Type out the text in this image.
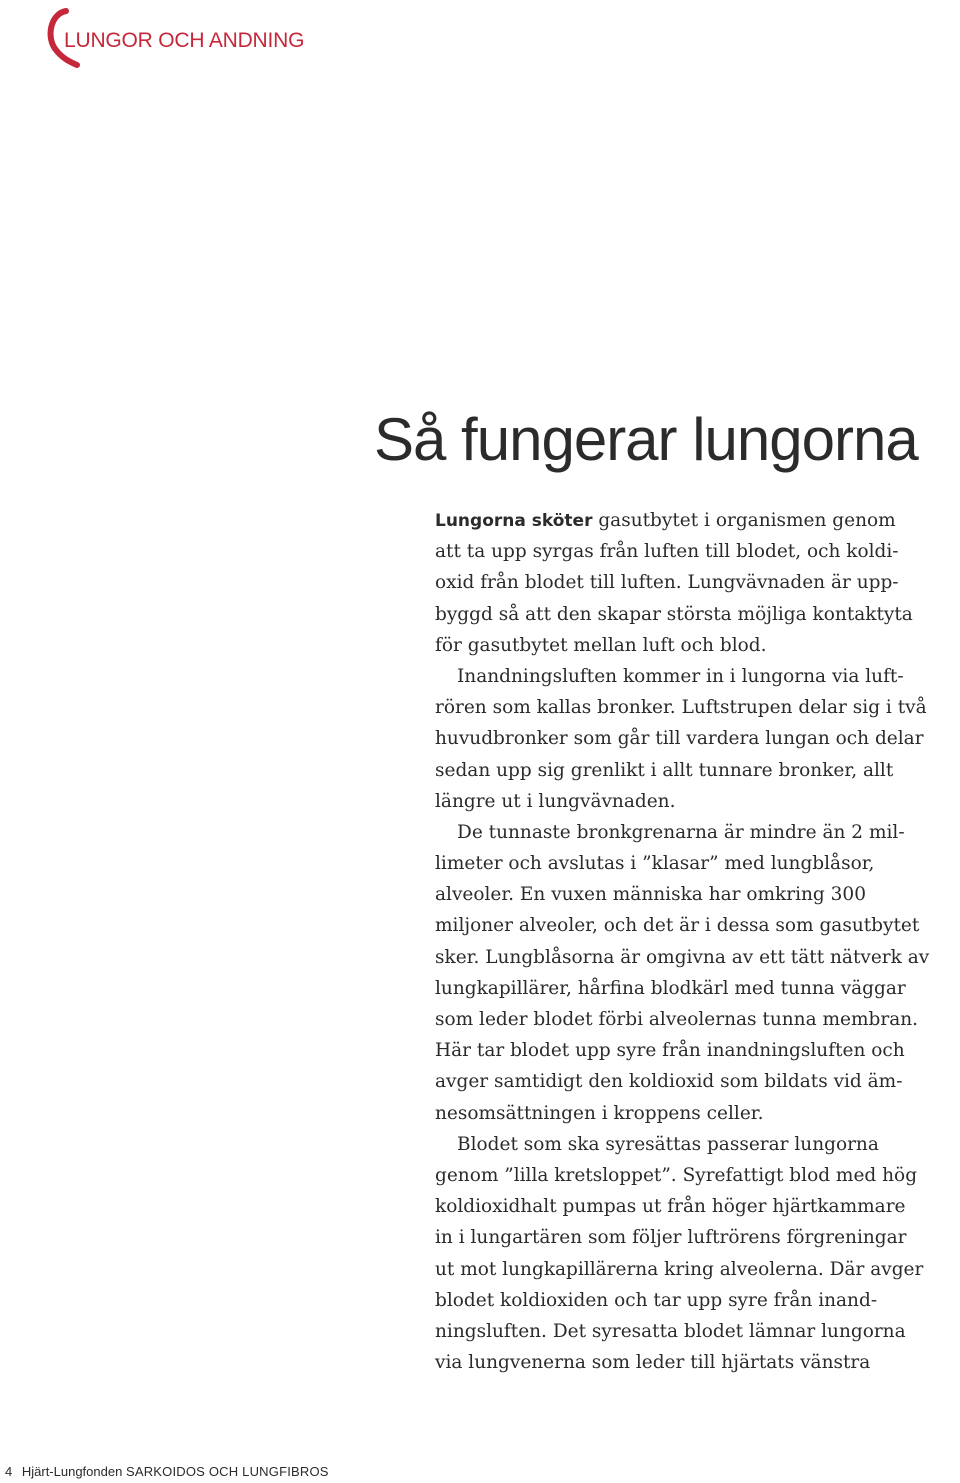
LUNGOR OCH ANDNING
Så fungerar lungorna
Lungorna sköter gasutbytet i organismen genom
att ta upp syrgas från luften till blodet, och koldi-
oxid från blodet till luften. Lungvävnaden är upp-
byggd så att den skapar största möjliga kontaktyta
för gasutbytet mellan luft och blod.
Inandningsluften kommer in i lungorna via luft-
rören som kallas bronker. Luftstrupen delar sig i två
huvudbronker som går till vardera lungan och delar
sedan upp sig grenlikt i allt tunnare bronker, allt
längre ut i lungvävnaden.
De tunnaste bronkgrenarna är mindre än 2 mil-
limeter och avslutas i ”klasar” med lungblåsor,
alveoler. En vuxen människa har omkring 300
miljoner alveoler, och det är i dessa som gasutbytet
sker. Lungblåsorna är omgivna av ett tätt nätverk av
lungkapillärer, hårfina blodkärl med tunna väggar
som leder blodet förbi alveolernas tunna membran.
Här tar blodet upp syre från inandningsluften och
avger samtidigt den koldioxid som bildats vid äm-
nesomsättningen i kroppens celler.
Blodet som ska syresättas passerar lungorna
genom ”lilla kretsloppet”. Syrefattigt blod med hög
koldioxidhalt pumpas ut från höger hjärtkammare
in i lungartären som följer luftrörens förgreningar
ut mot lungkapillärerna kring alveolerna. Där avger
blodet koldioxiden och tar upp syre från inand-
ningsluften. Det syresatta blodet lämnar lungorna
via lungvenerna som leder till hjärtats vänstra
4 Hjärt-Lungfonden SARKOIDOS OCH LUNGFIBROS
